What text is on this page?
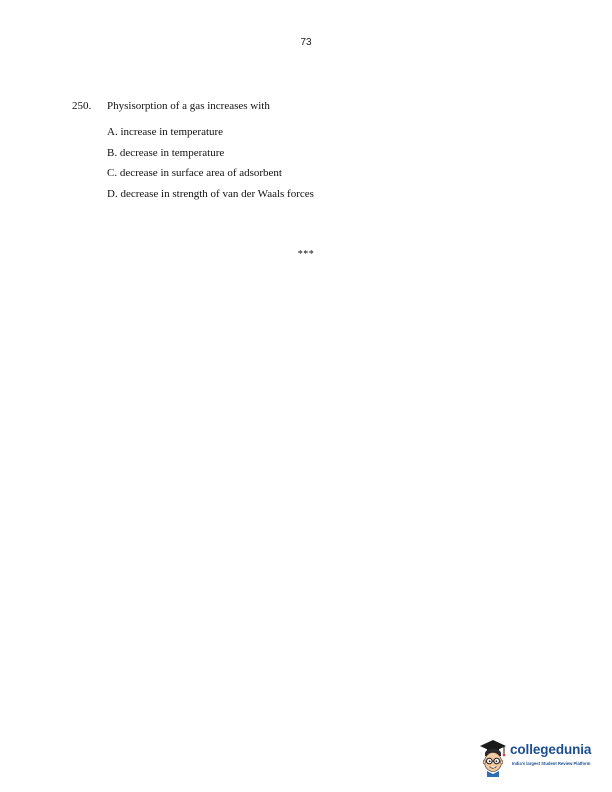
73
250.	Physisorption of a gas increases with
A. increase in temperature
B. decrease in temperature
C. decrease in surface area of adsorbent
D. decrease in strength of van der Waals forces
***
collegedunia
India's largest Student Review Platform
